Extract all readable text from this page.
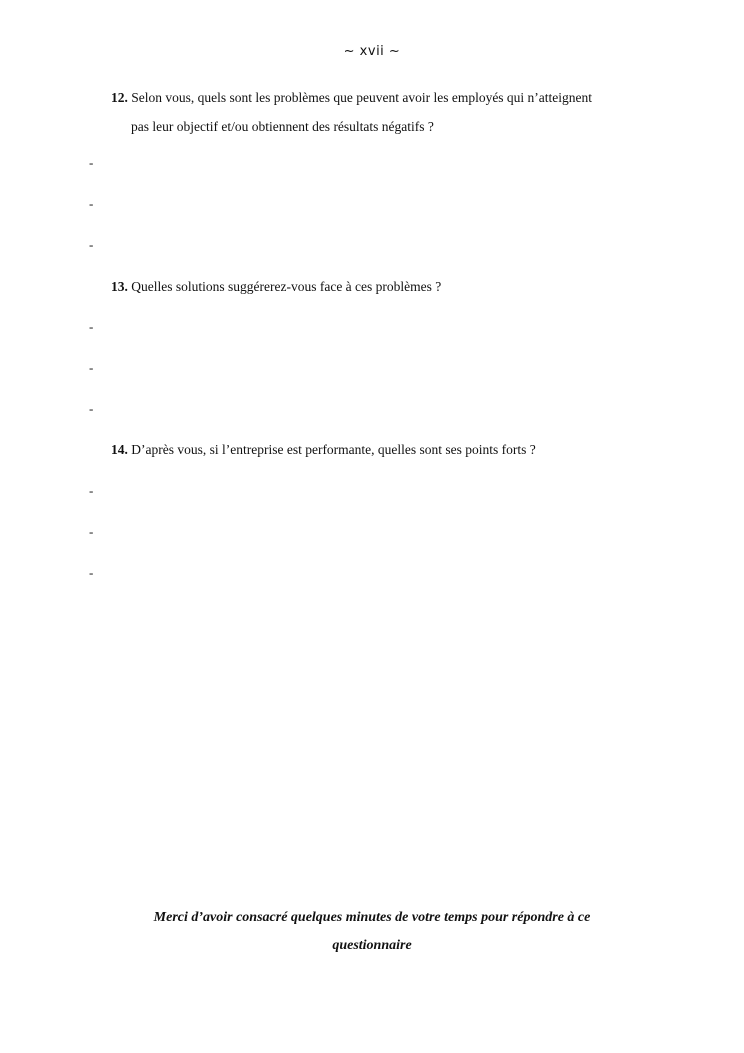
~ xvii ~
12. Selon vous, quels sont les problèmes que peuvent avoir les employés qui n’atteignent
pas leur objectif et/ou obtiennent des résultats négatifs ?
-
-
-
13. Quelles solutions suggérerez-vous face à ces problèmes ?
-
-
-
14. D’après vous, si l’entreprise est performante, quelles sont ses points forts ?
-
-
-
Merci d’avoir consacré quelques minutes de votre temps pour répondre à ce
questionnaire
